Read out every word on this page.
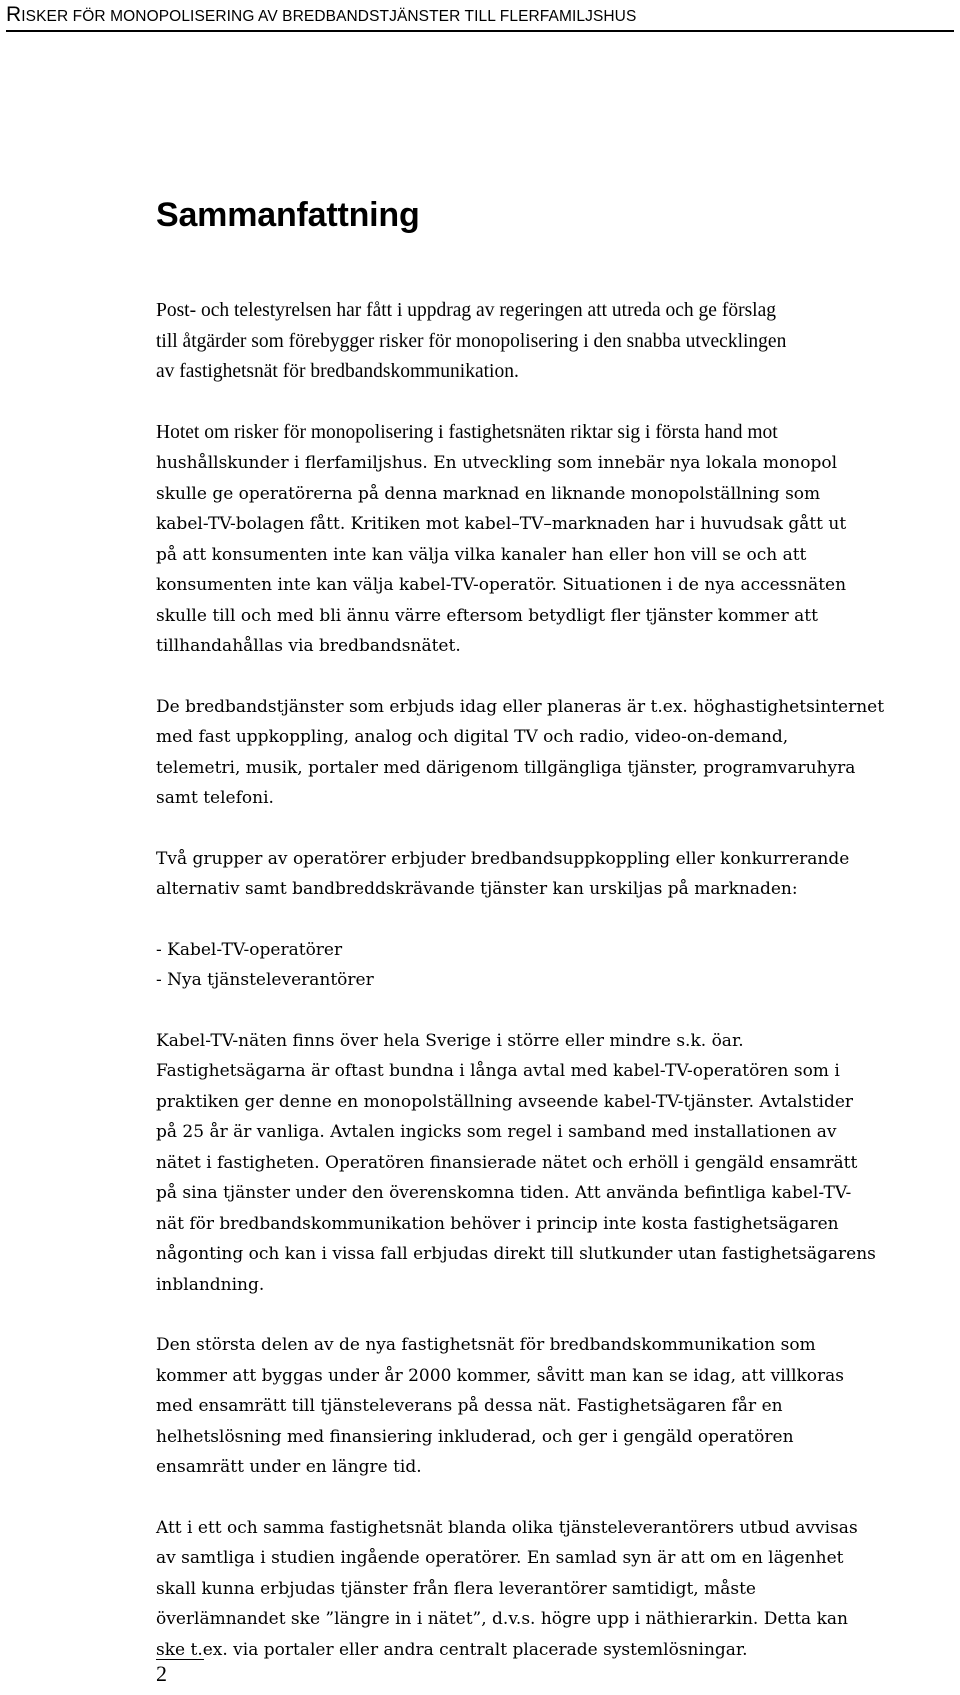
RISKER FÖR MONOPOLISERING AV BREDBANDSTJÄNSTER TILL FLERFAMILJSHUS
Sammanfattning

Post- och telestyrelsen har fått i uppdrag av regeringen att utreda och ge förslag
till åtgärder som förebygger risker för monopolisering i den snabba utvecklingen
av fastighetsnät för bredbandskommunikation.

Hotet om risker för monopolisering i fastighetsnäten riktar sig i första hand mot
hushållskunder i flerfamiljshus. En utveckling som innebär nya lokala monopol
skulle ge operatörerna på denna marknad en liknande monopolställning som
kabel-TV-bolagen fått. Kritiken mot kabel–TV–marknaden har i huvudsak gått ut
på att konsumenten inte kan välja vilka kanaler han eller hon vill se och att
konsumenten inte kan välja kabel-TV-operatör. Situationen i de nya accessnäten
skulle till och med bli ännu värre eftersom betydligt fler tjänster kommer att
tillhandahållas via bredbandsnätet.

De bredbandstjänster som erbjuds idag eller planeras är t.ex. höghastighetsinternet
med fast uppkoppling, analog och digital TV och radio, video-on-demand,
telemetri, musik, portaler med därigenom tillgängliga tjänster, programvaruhyra
samt telefoni.

Två grupper av operatörer erbjuder bredbandsuppkoppling eller konkurrerande
alternativ samt bandbreddskrävande tjänster kan urskiljas på marknaden:

- Kabel-TV-operatörer
- Nya tjänsteleverantörer

Kabel-TV-näten finns över hela Sverige i större eller mindre s.k. öar.
Fastighetsägarna är oftast bundna i långa avtal med kabel-TV-operatören som i
praktiken ger denne en monopolställning avseende kabel-TV-tjänster. Avtalstider
på 25 år är vanliga. Avtalen ingicks som regel i samband med installationen av
nätet i fastigheten. Operatören finansierade nätet och erhöll i gengäld ensamrätt
på sina tjänster under den överenskomna tiden. Att använda befintliga kabel-TV-
nät för bredbandskommunikation behöver i princip inte kosta fastighetsägaren
någonting och kan i vissa fall erbjudas direkt till slutkunder utan fastighetsägarens
inblandning.

Den största delen av de nya fastighetsnät för bredbandskommunikation som
kommer att byggas under år 2000 kommer, såvitt man kan se idag, att villkoras
med ensamrätt till tjänsteleverans på dessa nät. Fastighetsägaren får en
helhetslösning med finansiering inkluderad, och ger i gengäld operatören
ensamrätt under en längre tid.

Att i ett och samma fastighetsnät blanda olika tjänsteleverantörers utbud avvisas
av samtliga i studien ingående operatörer. En samlad syn är att om en lägenhet
skall kunna erbjudas tjänster från flera leverantörer samtidigt, måste
överlämnandet ske ”längre in i nätet”, d.v.s. högre upp i näthierarkin. Detta kan
ske t.ex. via portaler eller andra centralt placerade systemlösningar.

2
